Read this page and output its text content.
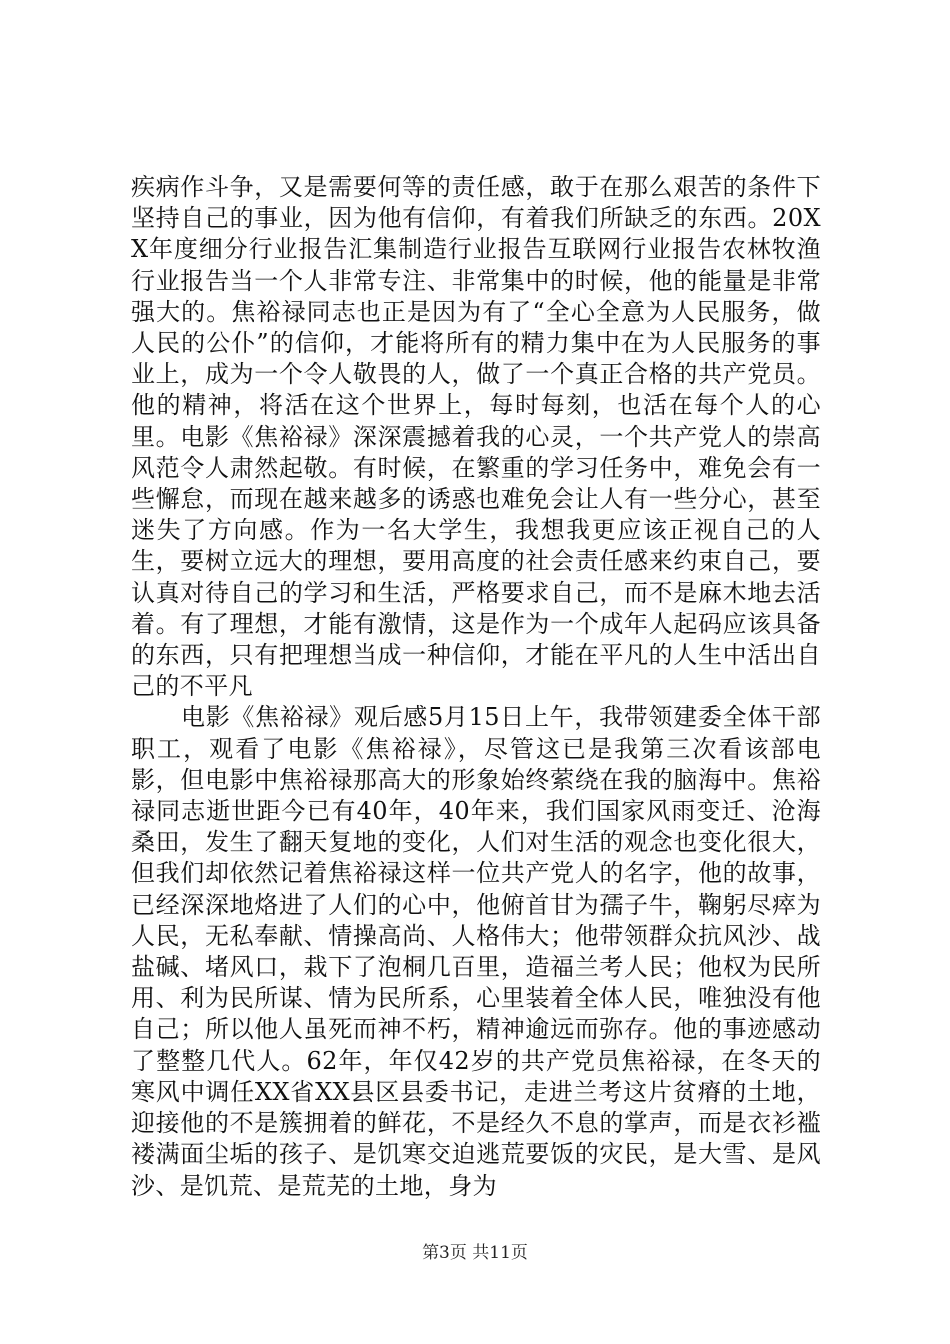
疾病作斗争，又是需要何等的责任感，敢于在那么艰苦的条件下坚持自己的事业，因为他有信仰，有着我们所缺乏的东西。20XX年度细分行业报告汇集制造行业报告互联网行业报告农林牧渔行业报告当一个人非常专注、非常集中的时候，他的能量是非常强大的。焦裕禄同志也正是因为有了“全心全意为人民服务，做人民的公仆”的信仰，才能将所有的精力集中在为人民服务的事业上，成为一个令人敬畏的人，做了一个真正合格的共产党员。他的精神，将活在这个世界上，每时每刻，也活在每个人的心里。电影《焦裕禄》深深震撼着我的心灵，一个共产党人的崇高风范令人肃然起敬。有时候，在繁重的学习任务中，难免会有一些懈怠，而现在越来越多的诱惑也难免会让人有一些分心，甚至迷失了方向感。作为一名大学生，我想我更应该正视自己的人生，要树立远大的理想，要用高度的社会责任感来约束自己，要认真对待自己的学习和生活，严格要求自己，而不是麻木地去活着。有了理想，才能有激情，这是作为一个成年人起码应该具备的东西，只有把理想当成一种信仰，才能在平凡的人生中活出自己的不平凡

电影《焦裕禄》观后感5月15日上午，我带领建委全体干部职工，观看了电影《焦裕禄》，尽管这已是我第三次看该部电影，但电影中焦裕禄那高大的形象始终萦绕在我的脑海中。焦裕禄同志逝世距今已有40年，40年来，我们国家风雨变迁、沧海桑田，发生了翻天复地的变化，人们对生活的观念也变化很大，但我们却依然记着焦裕禄这样一位共产党人的名字，他的故事，已经深深地烙进了人们的心中，他俯首甘为孺子牛，鞠躬尽瘁为人民，无私奉献、情操高尚、人格伟大；他带领群众抗风沙、战盐碱、堵风口，栽下了泡桐几百里，造福兰考人民；他权为民所用、利为民所谋、情为民所系，心里装着全体人民，唯独没有他自己；所以他人虽死而神不朽，精神逾远而弥存。他的事迹感动了整整几代人。62年，年仅42岁的共产党员焦裕禄，在冬天的寒风中调任XX省XX县区县委书记，走进兰考这片贫瘠的土地，迎接他的不是簇拥着的鲜花，不是经久不息的掌声，而是衣衫褴褛满面尘垢的孩子、是饥寒交迫逃荒要饭的灾民，是大雪、是风沙、是饥荒、是荒芜的土地，身为

第3页 共11页
